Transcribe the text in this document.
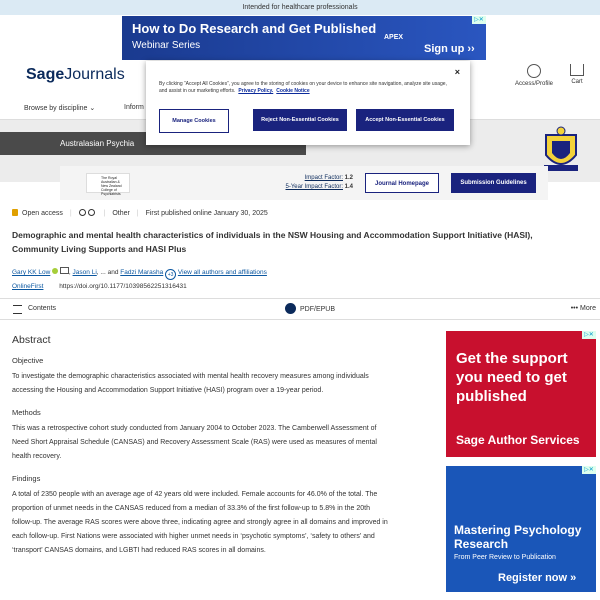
Intended for healthcare professionals
How to Do Research and Get Published
Webinar Series
APEX
Sign up ››
▷✕
SageJournals
Access/Profile	Cart
Browse by discipline ⌄	Inform
Australasian Psychia
×

By clicking “Accept All Cookies”, you agree to the storing of cookies on your device to enhance site navigation, analyze site usage, and assist in our marketing efforts. Privacy Policy. Cookie Notice

Manage Cookies	Reject Non-Essential Cookies	Accept Non-Essential Cookies
The Royal Australian & New Zealand College of Psychiatrists
Impact Factor: 1.2
5-Year Impact Factor: 1.4	Journal Homepage	Submission Guidelines
Open access |	| Other | First published online January 30, 2025
Demographic and mental health characteristics of individuals in the NSW Housing and Accommodation Support Initiative (HASI), Community Living Supports and HASI Plus
Gary KK Low	, Jason Li, ... and Fadzi Marasha +3 View all authors and affiliations
OnlineFirst https://doi.org/10.1177/10398562251316431
Contents	PDF/EPUB	••• More
Abstract
Objective

To investigate the demographic characteristics associated with mental health recovery measures among individuals accessing the Housing and Accommodation Support Initiative (HASI) program over a 19-year period.

Methods

This was a retrospective cohort study conducted from January 2004 to October 2023. The Camberwell Assessment of Need Short Appraisal Schedule (CANSAS) and Recovery Assessment Scale (RAS) were used as measures of mental health recovery.

Findings

A total of 2350 people with an average age of 42 years old were included. Female accounts for 46.0% of the total. The proportion of unmet needs in the CANSAS reduced from a median of 33.3% of the first follow-up to 5.8% in the 20th follow-up. The average RAS scores were above three, indicating agree and strongly agree in all domains and improved in each follow-up. First Nations were associated with higher unmet needs in ‘psychotic symptoms’, ‘safety to others’ and ‘transport’ CANSAS domains, and LGBTI had reduced RAS scores in all domains.

Get the support you need to get published
Sage Author Services
▷✕
Mastering Psychology Research
From Peer Review to Publication
Register now »
▷✕
